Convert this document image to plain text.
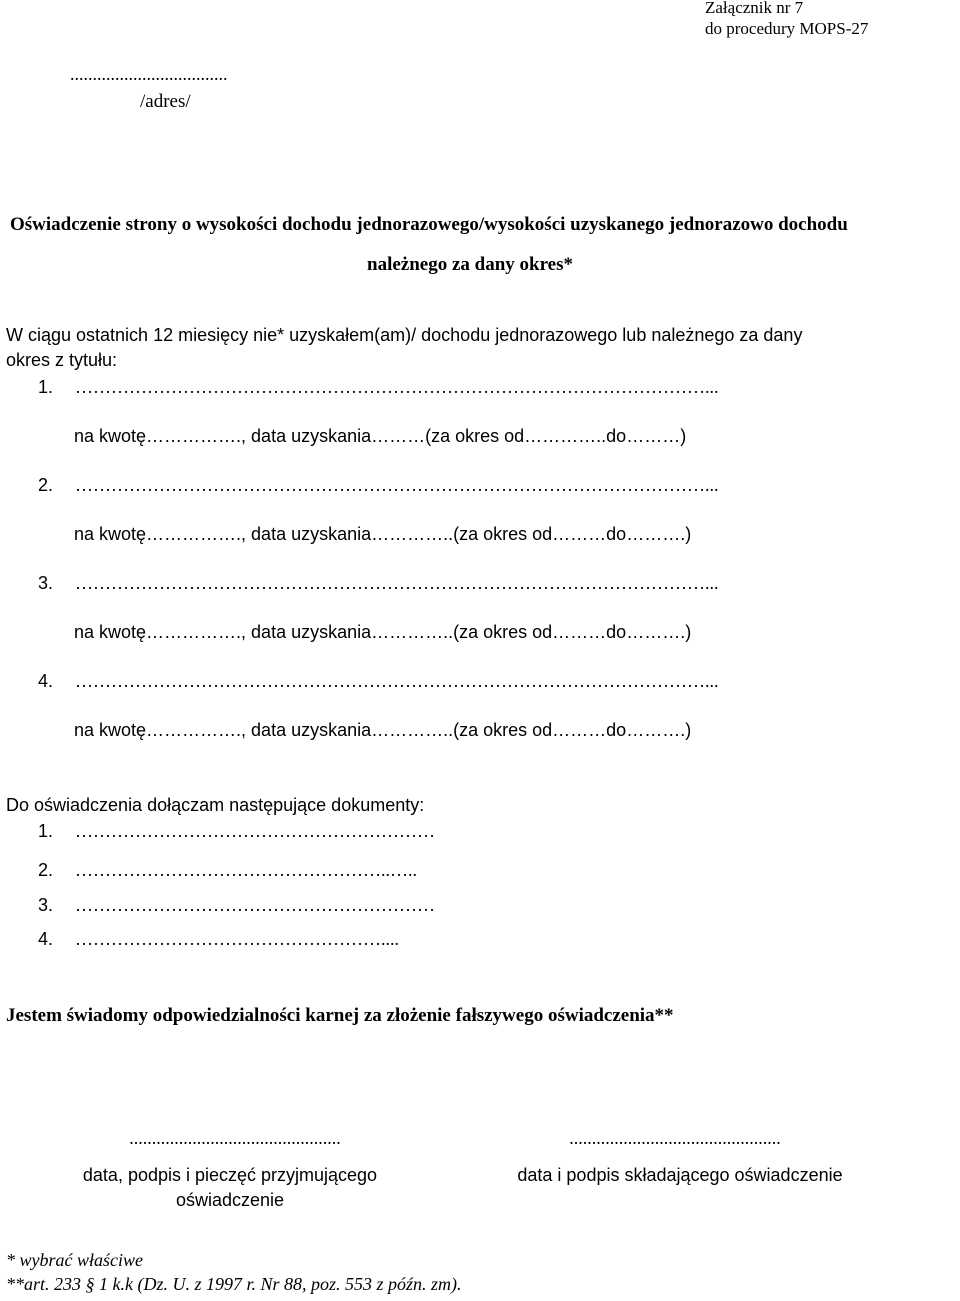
Załącznik nr 7
do procedury MOPS-27
...................................
/adres/
Oświadczenie strony o wysokości dochodu jednorazowego/wysokości uzyskanego jednorazowo dochodu
należnego za dany okres*
W ciągu ostatnich 12 miesięcy nie* uzyskałem(am)/ dochodu jednorazowego lub należnego za dany
okres z tytułu:
1. ……………………………………………………………………………………………...
na kwotę……………., data uzyskania………(za okres od…………..do………)
2. ……………………………………………………………………………………………...
na kwotę……………., data uzyskania…………..(za okres od………do……….)
3. ……………………………………………………………………………………………...
na kwotę……………., data uzyskania…………..(za okres od………do……….)
4. ……………………………………………………………………………………………...
na kwotę……………., data uzyskania…………..(za okres od………do……….)
Do oświadczenia dołączam następujące dokumenty:
1. ……………………………………………………
2. ……………………………………………..…..
3. ……………………………………………………
4. ……………………………………………....
Jestem świadomy odpowiedzialności karnej za złożenie fałszywego oświadczenia**
...............................................
data, podpis i pieczęć przyjmującego
oświadczenie
...............................................
data i podpis składającego oświadczenie
* wybrać właściwe
**art. 233 § 1 k.k (Dz. U. z 1997 r. Nr 88, poz. 553 z późn. zm).
